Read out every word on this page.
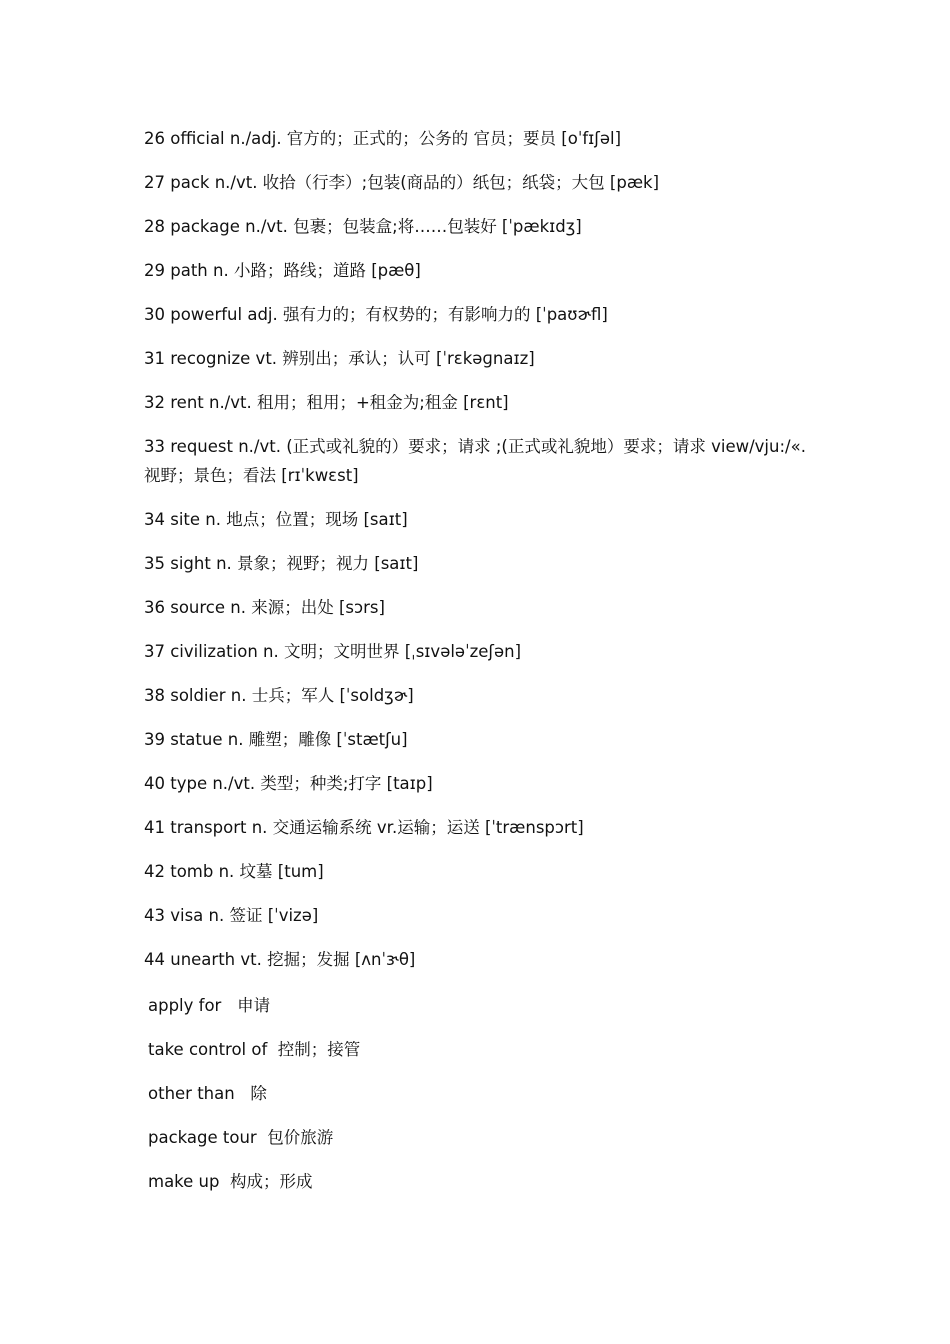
26 official n./adj. 官方的；正式的；公务的 官员；要员 [oˈfɪʃəl]
27 pack n./vt. 收拾（行李）;包装(商品的）纸包；纸袋；大包 [pæk]
28 package n./vt. 包裹；包装盒;将……包装好 [ˈpækɪdʒ]
29 path n. 小路；路线；道路 [pæθ]
30 powerful adj. 强有力的；有权势的；有影响力的 [ˈpaʊɚfl]
31 recognize vt. 辨别出；承认；认可 [ˈrɛkəɡnaɪz]
32 rent n./vt. 租用；租用；+租金为;租金 [rɛnt]
33 request n./vt. (正式或礼貌的）要求；请求 ;(正式或礼貌地）要求；请求 view/vju:/«.
视野；景色；看法 [rɪˈkwɛst]
34 site n. 地点；位置；现场 [saɪt]
35 sight n. 景象；视野；视力 [saɪt]
36 source n. 来源；出处 [sɔrs]
37 civilization n. 文明；文明世界 [ˌsɪvələˈzeʃən]
38 soldier n. 士兵；军人 [ˈsoldʒɚ]
39 statue n. 雕塑；雕像 [ˈstætʃu]
40 type n./vt. 类型；种类;打字 [taɪp]
41 transport n. 交通运输系统 vr.运输；运送 [ˈtrænspɔrt]
42 tomb n. 坟墓 [tum]
43 visa n. 签证 [ˈvizə]
44 unearth vt. 挖掘；发掘 [ʌnˈɝθ]
apply for   申请
take control of  控制；接管
other than   除
package tour  包价旅游
make up  构成；形成
